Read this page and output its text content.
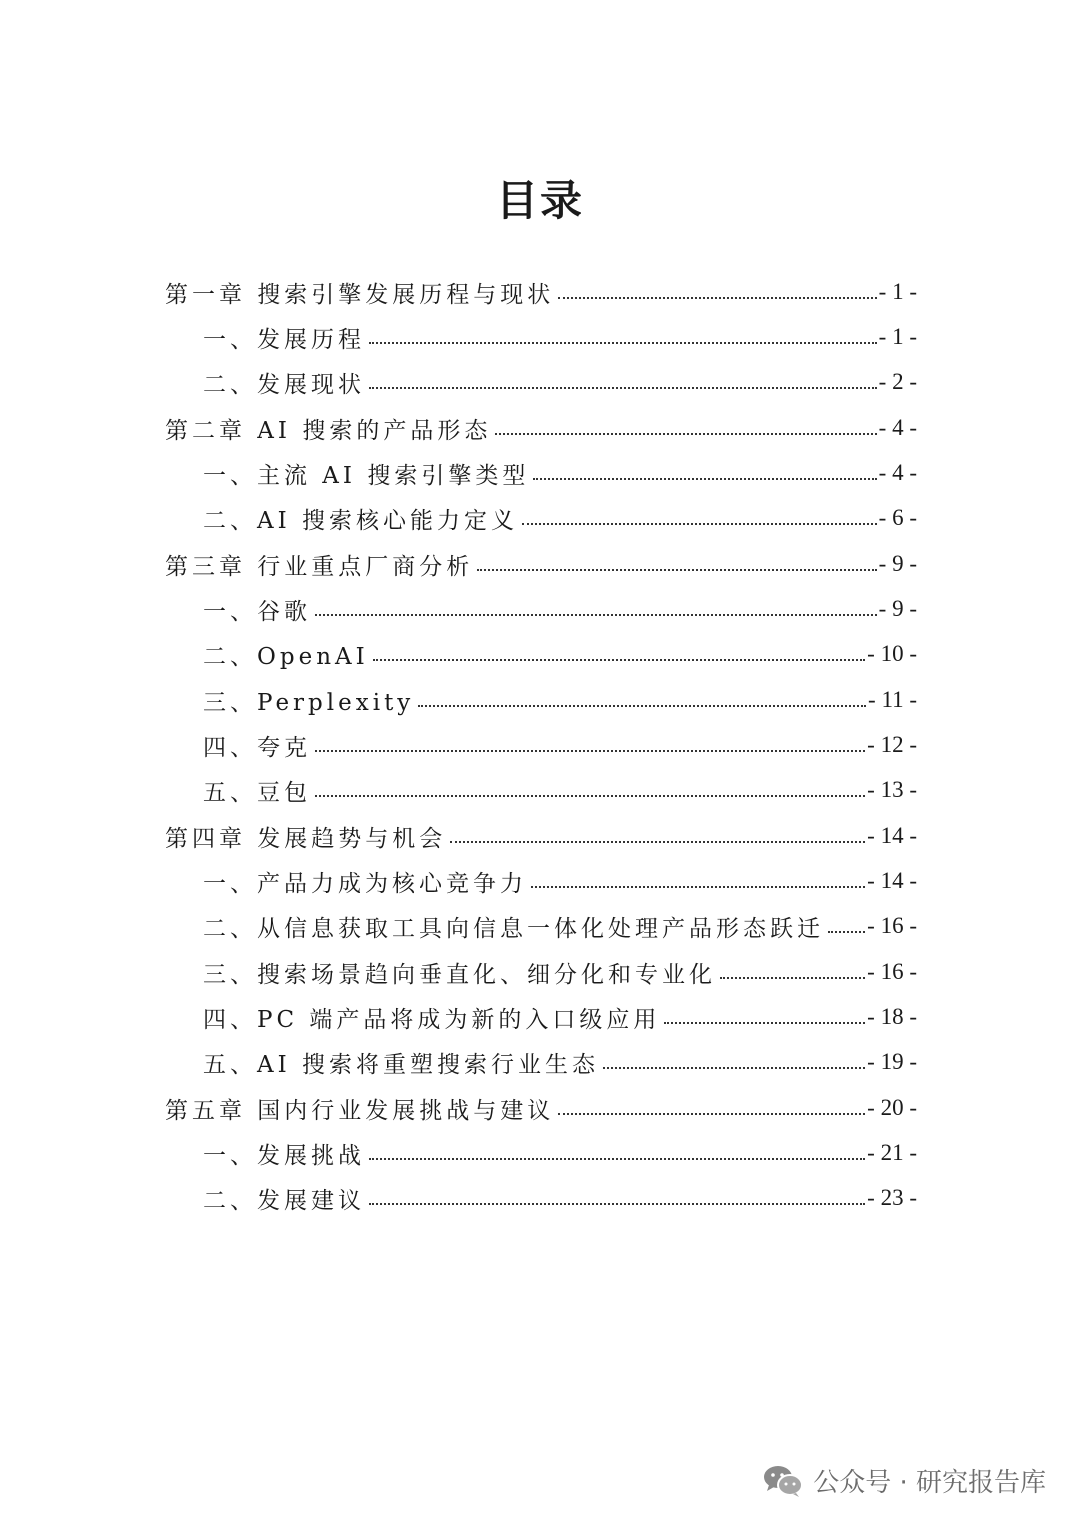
目录
第一章 搜索引擎发展历程与现状	- 1 -
一、发展历程	- 1 -
二、发展现状	- 2 -
第二章 AI 搜索的产品形态	- 4 -
一、主流 AI 搜索引擎类型	- 4 -
二、AI 搜索核心能力定义	- 6 -
第三章 行业重点厂商分析	- 9 -
一、谷歌	- 9 -
二、OpenAI	- 10 -
三、Perplexity	- 11 -
四、夸克	- 12 -
五、豆包	- 13 -
第四章 发展趋势与机会	- 14 -
一、产品力成为核心竞争力	- 14 -
二、从信息获取工具向信息一体化处理产品形态跃迁 - 16 -
三、搜索场景趋向垂直化、细分化和专业化	- 16 -
四、PC 端产品将成为新的入口级应用	- 18 -
五、AI 搜索将重塑搜索行业生态	- 19 -
第五章 国内行业发展挑战与建议	- 20 -
一、发展挑战	- 21 -
二、发展建议	- 23 -
公众号 · 研究报告库
